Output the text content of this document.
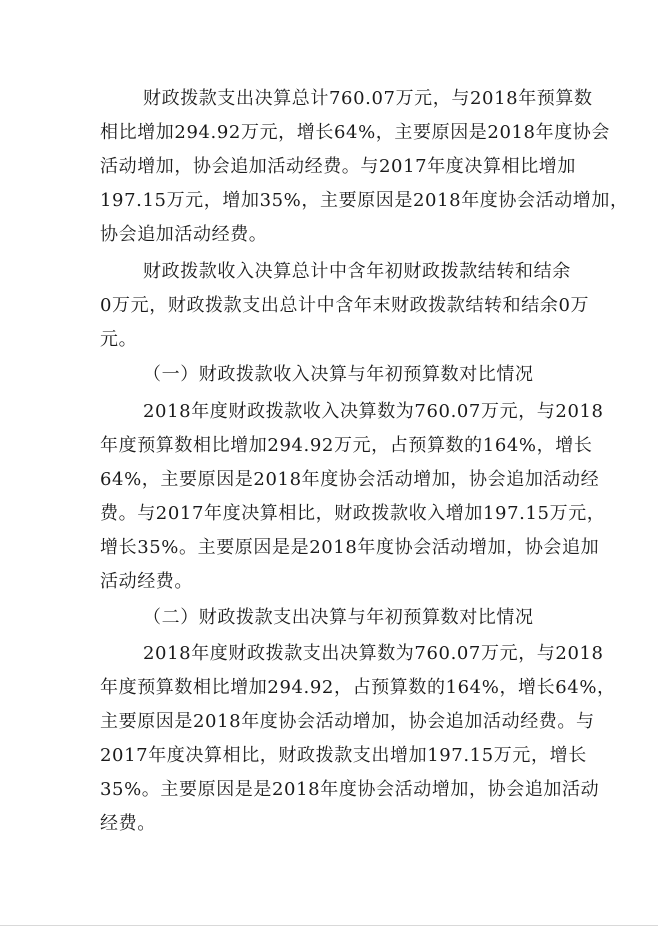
财政拨款支出决算总计760.07万元，与2018年预算数
相比增加294.92万元，增长64%，主要原因是2018年度协会
活动增加，协会追加活动经费。与2017年度决算相比增加
197.15万元，增加35%，主要原因是2018年度协会活动增加，
协会追加活动经费。
财政拨款收入决算总计中含年初财政拨款结转和结余
0万元，财政拨款支出总计中含年末财政拨款结转和结余0万
元。
（一）财政拨款收入决算与年初预算数对比情况
2018年度财政拨款收入决算数为760.07万元，与2018
年度预算数相比增加294.92万元，占预算数的164%，增长
64%，主要原因是2018年度协会活动增加，协会追加活动经
费。与2017年度决算相比，财政拨款收入增加197.15万元，
增长35%。主要原因是是2018年度协会活动增加，协会追加
活动经费。
（二）财政拨款支出决算与年初预算数对比情况
2018年度财政拨款支出决算数为760.07万元，与2018
年度预算数相比增加294.92，占预算数的164%，增长64%，
主要原因是2018年度协会活动增加，协会追加活动经费。与
2017年度决算相比，财政拨款支出增加197.15万元，增长
35%。主要原因是是2018年度协会活动增加，协会追加活动
经费。
